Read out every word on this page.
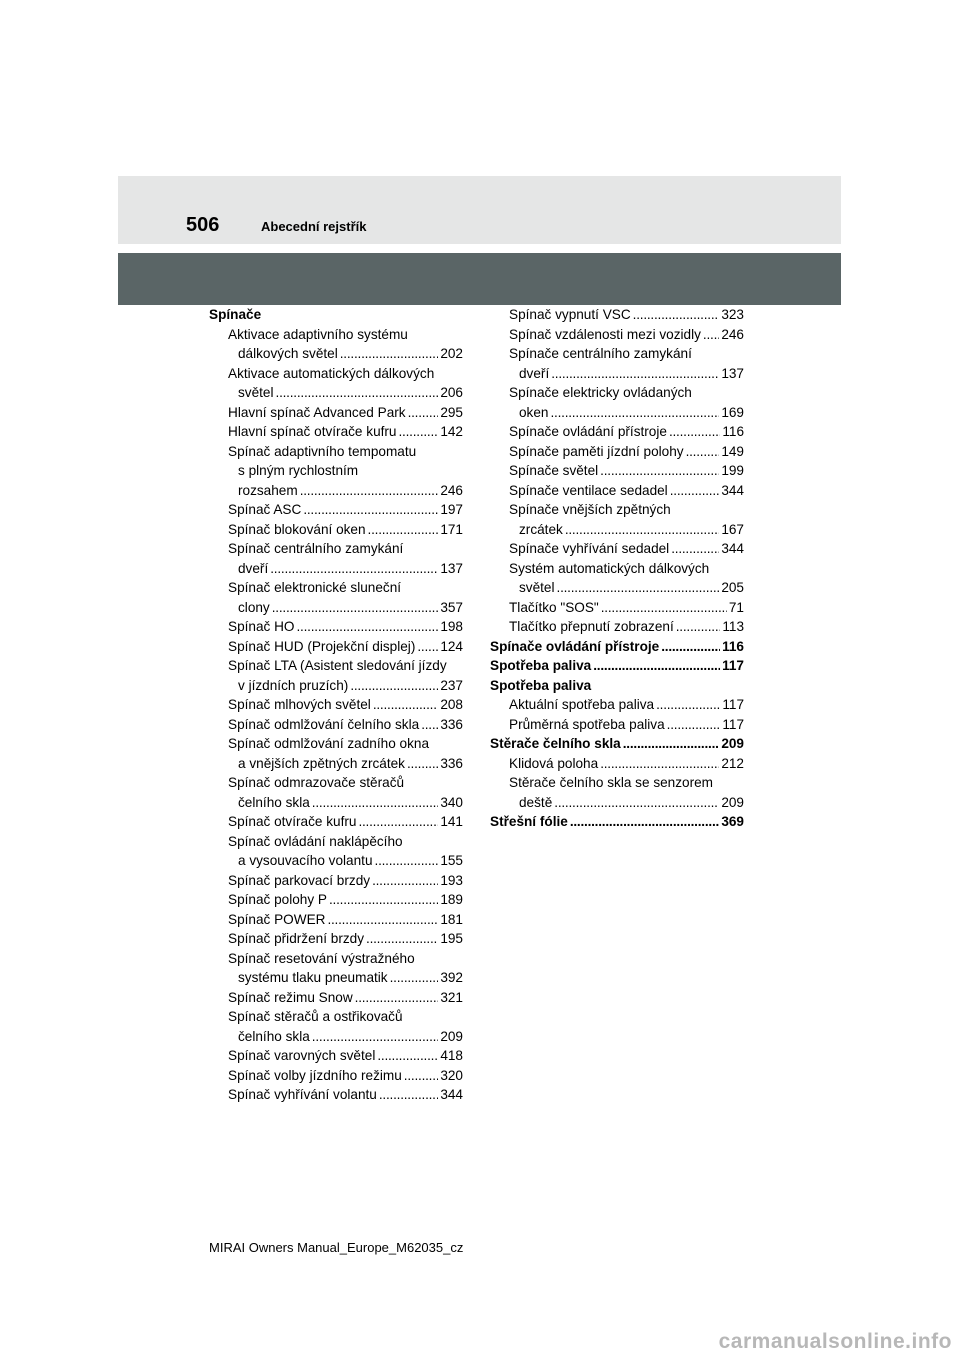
506	Abecední rejstřík
Spínače
Aktivace adaptivního systému
dálkových světel . . .	202
Aktivace automatických dálkových
světel . . .	206
Hlavní spínač Advanced Park . . .	295
Hlavní spínač otvírače kufru . . .	142
Spínač adaptivního tempomatu
s plným rychlostním
rozsahem . . .	246
Spínač ASC . . .	197
Spínač blokování oken . . .	171
Spínač centrálního zamykání
dveří . . .	137
Spínač elektronické sluneční
clony . . .	357
Spínač HO . . .	198
Spínač HUD (Projekční displej) . . . 124
Spínač LTA (Asistent sledování jízdy
v jízdních pruzích) . . .	237
Spínač mlhových světel . . .	208
Spínač odmlžování čelního skla . . . 336
Spínač odmlžování zadního okna
a vnějších zpětných zrcátek . . .	336
Spínač odmrazovače stěračů
čelního skla . . .	340
Spínač otvírače kufru . . .	141
Spínač ovládání naklápěcího
a vysouvacího volantu . . .	155
Spínač parkovací brzdy . . .	193
Spínač polohy P . . .	189
Spínač POWER . . .	181
Spínač přidržení brzdy . . .	195
Spínač resetování výstražného
systému tlaku pneumatik . . .	392
Spínač režimu Snow . . .	321
Spínač stěračů a ostřikovačů
čelního skla . . .	209
Spínač varovných světel . . .	418
Spínač volby jízdního režimu . . .	320
Spínač vyhřívání volantu . . .	344
Spínač vypnutí VSC . . .	323
Spínač vzdálenosti mezi vozidly . . . 246
Spínače centrálního zamykání
dveří . . .	137
Spínače elektricky ovládaných
oken . . .	169
Spínače ovládání přístroje . . .	116
Spínače paměti jízdní polohy . . .	149
Spínače světel . . .	199
Spínače ventilace sedadel . . .	344
Spínače vnějších zpětných
zrcátek . . .	167
Spínače vyhřívání sedadel . . .	344
Systém automatických dálkových
světel . . .	205
Tlačítko "SOS" . . .	71
Tlačítko přepnutí zobrazení . . .	113
Spínače ovládání přístroje . . .	116
Spotřeba paliva . . .	117
Spotřeba paliva
Aktuální spotřeba paliva . . .	117
Průměrná spotřeba paliva . . .	117
Stěrače čelního skla . . .	209
Klidová poloha . . .	212
Stěrače čelního skla se senzorem
deště . . .	209
Střešní fólie . . .	369
MIRAI Owners Manual_Europe_M62035_cz
carmanualsonline.info
